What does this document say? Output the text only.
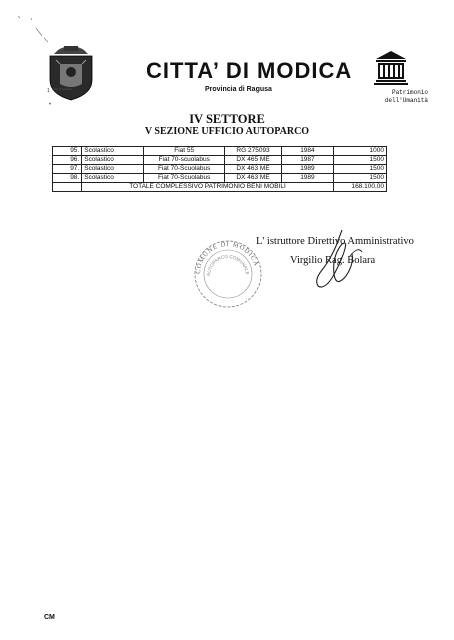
1 Città di Modica
•
CITTA’ DI MODICA
Provincia di Ragusa	Patrimonio
dell'Umanità
IV SETTORE
V SEZIONE UFFICIO AUTOPARCO
95.	Scolastico	Fiat 55	RG 275093	1984	1000
96.	Scolastico	Fiat 70-scuolabus	DX 465 ME	1987	1500
97.	Scolastico	Fiat 70-Scuolabus	DX 463 ME	1989	1500
98.	Scolastico	Fiat 70-Scuolabus	DX 463 ME	1989	1500
	TOTALE COMPLESSIVO PATRIMONIO BENI MOBILI				168.100,00
COMUNE DI MODICA
AUTOPARCO COMUNALE
L' istruttore Direttivo Amministrativo
Virgilio Rag. Bolara
CM
